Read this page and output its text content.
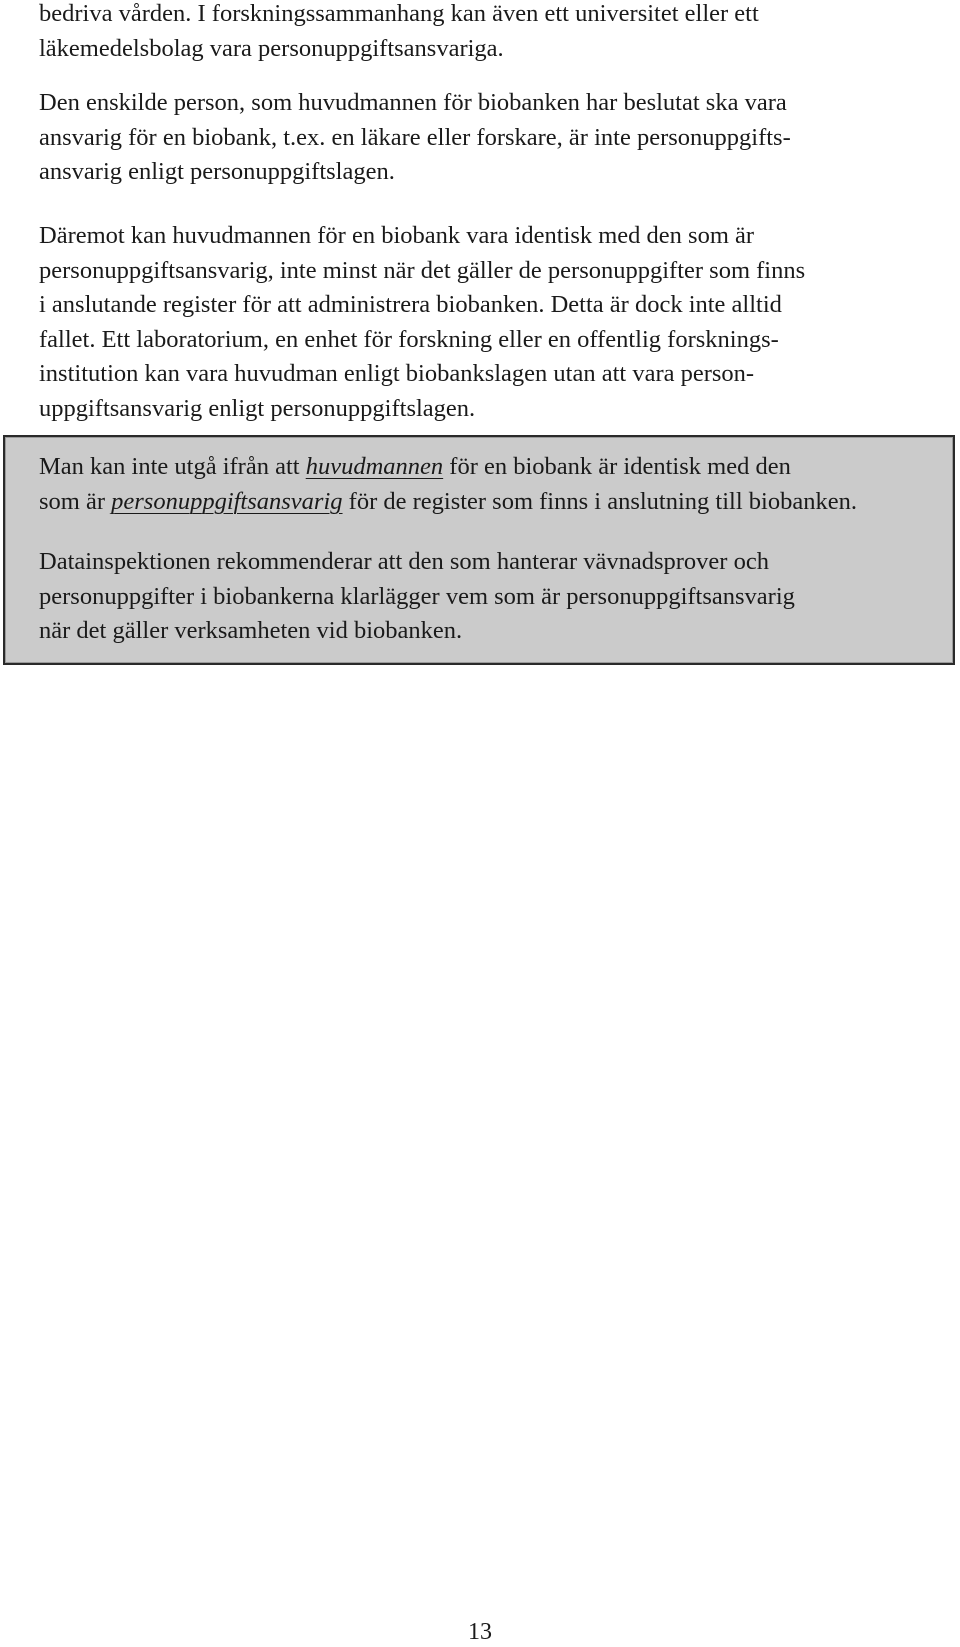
bedriva vården. I forskningssammanhang kan även ett universitet eller ett
läkemedelsbolag vara personuppgiftsansvariga.

Den enskilde person, som huvudmannen för biobanken har beslutat ska vara
ansvarig för en biobank, t.ex. en läkare eller forskare, är inte personuppgifts-
ansvarig enligt personuppgiftslagen.

Däremot kan huvudmannen för en biobank vara identisk med den som är
personuppgiftsansvarig, inte minst när det gäller de personuppgifter som finns
i anslutande register för att administrera biobanken. Detta är dock inte alltid
fallet. Ett laboratorium, en enhet för forskning eller en offentlig forsknings-
institution kan vara huvudman enligt biobankslagen utan att vara person-
uppgiftsansvarig enligt personuppgiftslagen.

Man kan inte utgå ifrån att huvudmannen för en biobank är identisk med den
som är personuppgiftsansvarig för de register som finns i anslutning till biobanken.

Datainspektionen rekommenderar att den som hanterar vävnadsprover och
personuppgifter i biobankerna klarlägger vem som är personuppgiftsansvarig
när det gäller verksamheten vid biobanken.

13
